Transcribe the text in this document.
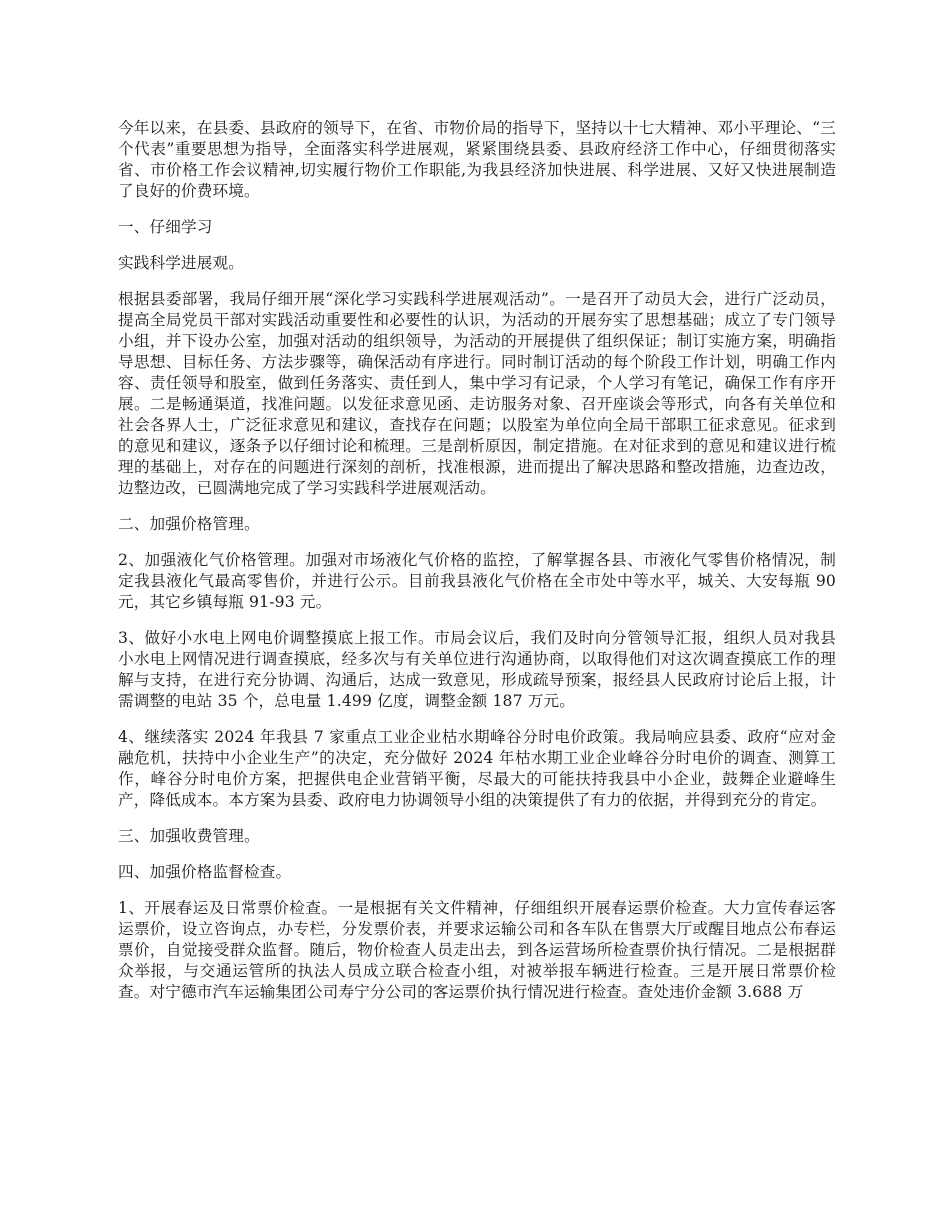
今年以来，在县委、县政府的领导下，在省、市物价局的指导下，坚持以十七大精神、邓小平理论、“三个代表”重要思想为指导，全面落实科学进展观，紧紧围绕县委、县政府经济工作中心，仔细贯彻落实省、市价格工作会议精神,切实履行物价工作职能,为我县经济加快进展、科学进展、又好又快进展制造了良好的价费环境。

一、仔细学习

实践科学进展观。

根据县委部署，我局仔细开展“深化学习实践科学进展观活动”。一是召开了动员大会，进行广泛动员，提高全局党员干部对实践活动重要性和必要性的认识，为活动的开展夯实了思想基础；成立了专门领导小组，并下设办公室，加强对活动的组织领导，为活动的开展提供了组织保证；制订实施方案，明确指导思想、目标任务、方法步骤等，确保活动有序进行。同时制订活动的每个阶段工作计划，明确工作内容、责任领导和股室，做到任务落实、责任到人，集中学习有记录，个人学习有笔记，确保工作有序开展。二是畅通渠道，找准问题。以发征求意见函、走访服务对象、召开座谈会等形式，向各有关单位和社会各界人士，广泛征求意见和建议，查找存在问题；以股室为单位向全局干部职工征求意见。征求到的意见和建议，逐条予以仔细讨论和梳理。三是剖析原因，制定措施。在对征求到的意见和建议进行梳理的基础上，对存在的问题进行深刻的剖析，找准根源，进而提出了解决思路和整改措施，边查边改，边整边改，已圆满地完成了学习实践科学进展观活动。

二、加强价格管理。

2、加强液化气价格管理。加强对市场液化气价格的监控，了解掌握各县、市液化气零售价格情况，制定我县液化气最高零售价，并进行公示。目前我县液化气价格在全市处中等水平，城关、大安每瓶 90 元，其它乡镇每瓶 91-93 元。

3、做好小水电上网电价调整摸底上报工作。市局会议后，我们及时向分管领导汇报，组织人员对我县小水电上网情况进行调查摸底，经多次与有关单位进行沟通协商，以取得他们对这次调查摸底工作的理解与支持，在进行充分协调、沟通后，达成一致意见，形成疏导预案，报经县人民政府讨论后上报，计需调整的电站 35 个，总电量 1.499 亿度，调整金额 187 万元。

4、继续落实 2024 年我县 7 家重点工业企业枯水期峰谷分时电价政策。我局响应县委、政府“应对金融危机，扶持中小企业生产”的决定，充分做好 2024 年枯水期工业企业峰谷分时电价的调查、测算工作，峰谷分时电价方案，把握供电企业营销平衡，尽最大的可能扶持我县中小企业，鼓舞企业避峰生产，降低成本。本方案为县委、政府电力协调领导小组的决策提供了有力的依据，并得到充分的肯定。

三、加强收费管理。

四、加强价格监督检查。

1、开展春运及日常票价检查。一是根据有关文件精神，仔细组织开展春运票价检查。大力宣传春运客运票价，设立咨询点，办专栏，分发票价表，并要求运输公司和各车队在售票大厅或醒目地点公布春运票价，自觉接受群众监督。随后，物价检查人员走出去，到各运营场所检查票价执行情况。二是根据群众举报，与交通运管所的执法人员成立联合检查小组，对被举报车辆进行检查。三是开展日常票价检查。对宁德市汽车运输集团公司寿宁分公司的客运票价执行情况进行检查。查处违价金额 3.688 万
